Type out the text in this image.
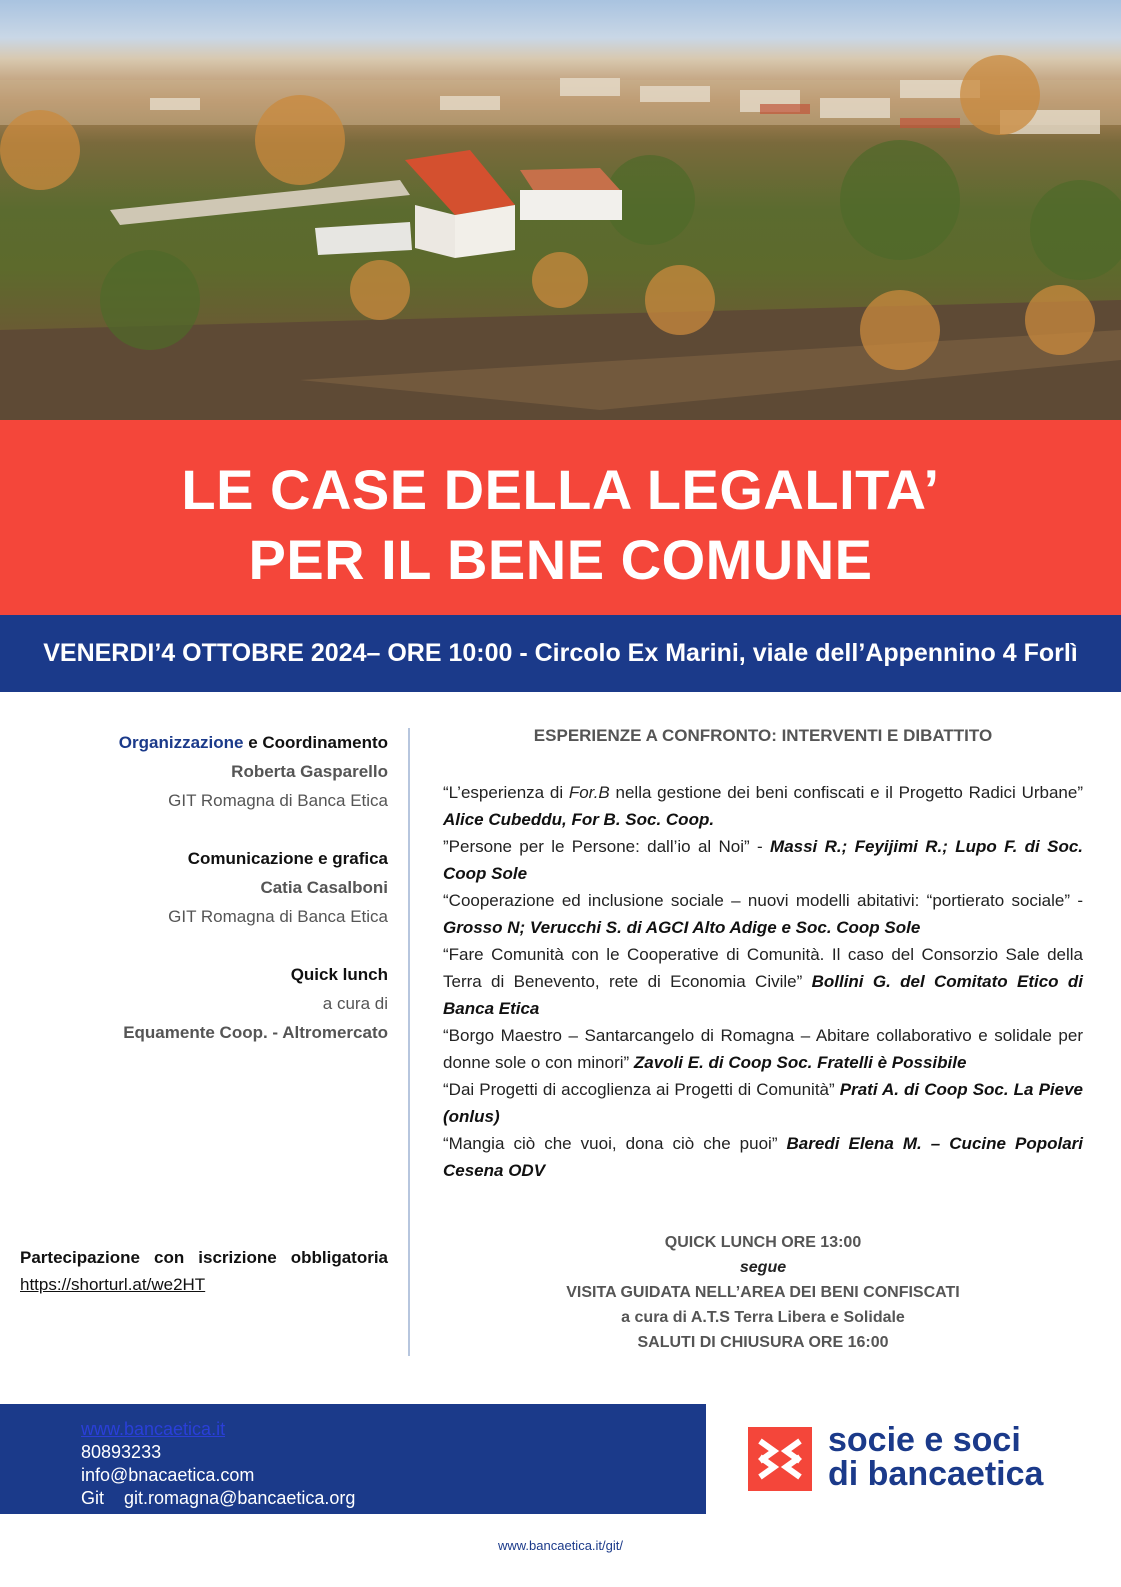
LE CASE DELLA LEGALITA’
PER IL BENE COMUNE
VENERDI’4 OTTOBRE 2024– ORE 10:00 - Circolo Ex Marini, viale dell’Appennino 4 Forlì
Organizzazione e Coordinamento
Roberta Gasparello
GIT Romagna di Banca Etica
Comunicazione e grafica
Catia Casalboni
GIT Romagna di Banca Etica
Quick lunch
a cura di
Equamente Coop. - Altromercato
Partecipazione con iscrizione obbligatoria
https://shorturl.at/we2HT
ESPERIENZE A CONFRONTO: INTERVENTI E DIBATTITO
“L’esperienza di For.B nella gestione dei beni confiscati e il Progetto Radici Urbane” Alice Cubeddu, For B. Soc. Coop.
”Persone per le Persone: dall’io al Noi” - Massi R.; Feyijimi R.; Lupo F. di Soc. Coop Sole
“Cooperazione ed inclusione sociale – nuovi modelli abitativi: “portierato sociale” - Grosso N; Verucchi S. di AGCI Alto Adige e Soc. Coop Sole
“Fare Comunità con le Cooperative di Comunità. Il caso del Consorzio Sale della Terra di Benevento, rete di Economia Civile” Bollini G. del Comitato Etico di Banca Etica
“Borgo Maestro – Santarcangelo di Romagna – Abitare collaborativo e solidale per donne sole o con minori” Zavoli E. di Coop Soc. Fratelli è Possibile
“Dai Progetti di accoglienza ai Progetti di Comunità” Prati A. di Coop Soc. La Pieve (onlus)
“Mangia ciò che vuoi, dona ciò che puoi” Baredi Elena M. – Cucine Popolari Cesena ODV
QUICK LUNCH ORE 13:00
segue
VISITA GUIDATA NELL’AREA DEI BENI CONFISCATI
a cura di A.T.S Terra Libera e Solidale
SALUTI DI CHIUSURA ORE 16:00
www.bancaetica.it
80893233
info@bnacaetica.com
Git git.romagna@bancaetica.org
socie e soci
di bancaetica
www.bancaetica.it/git/
